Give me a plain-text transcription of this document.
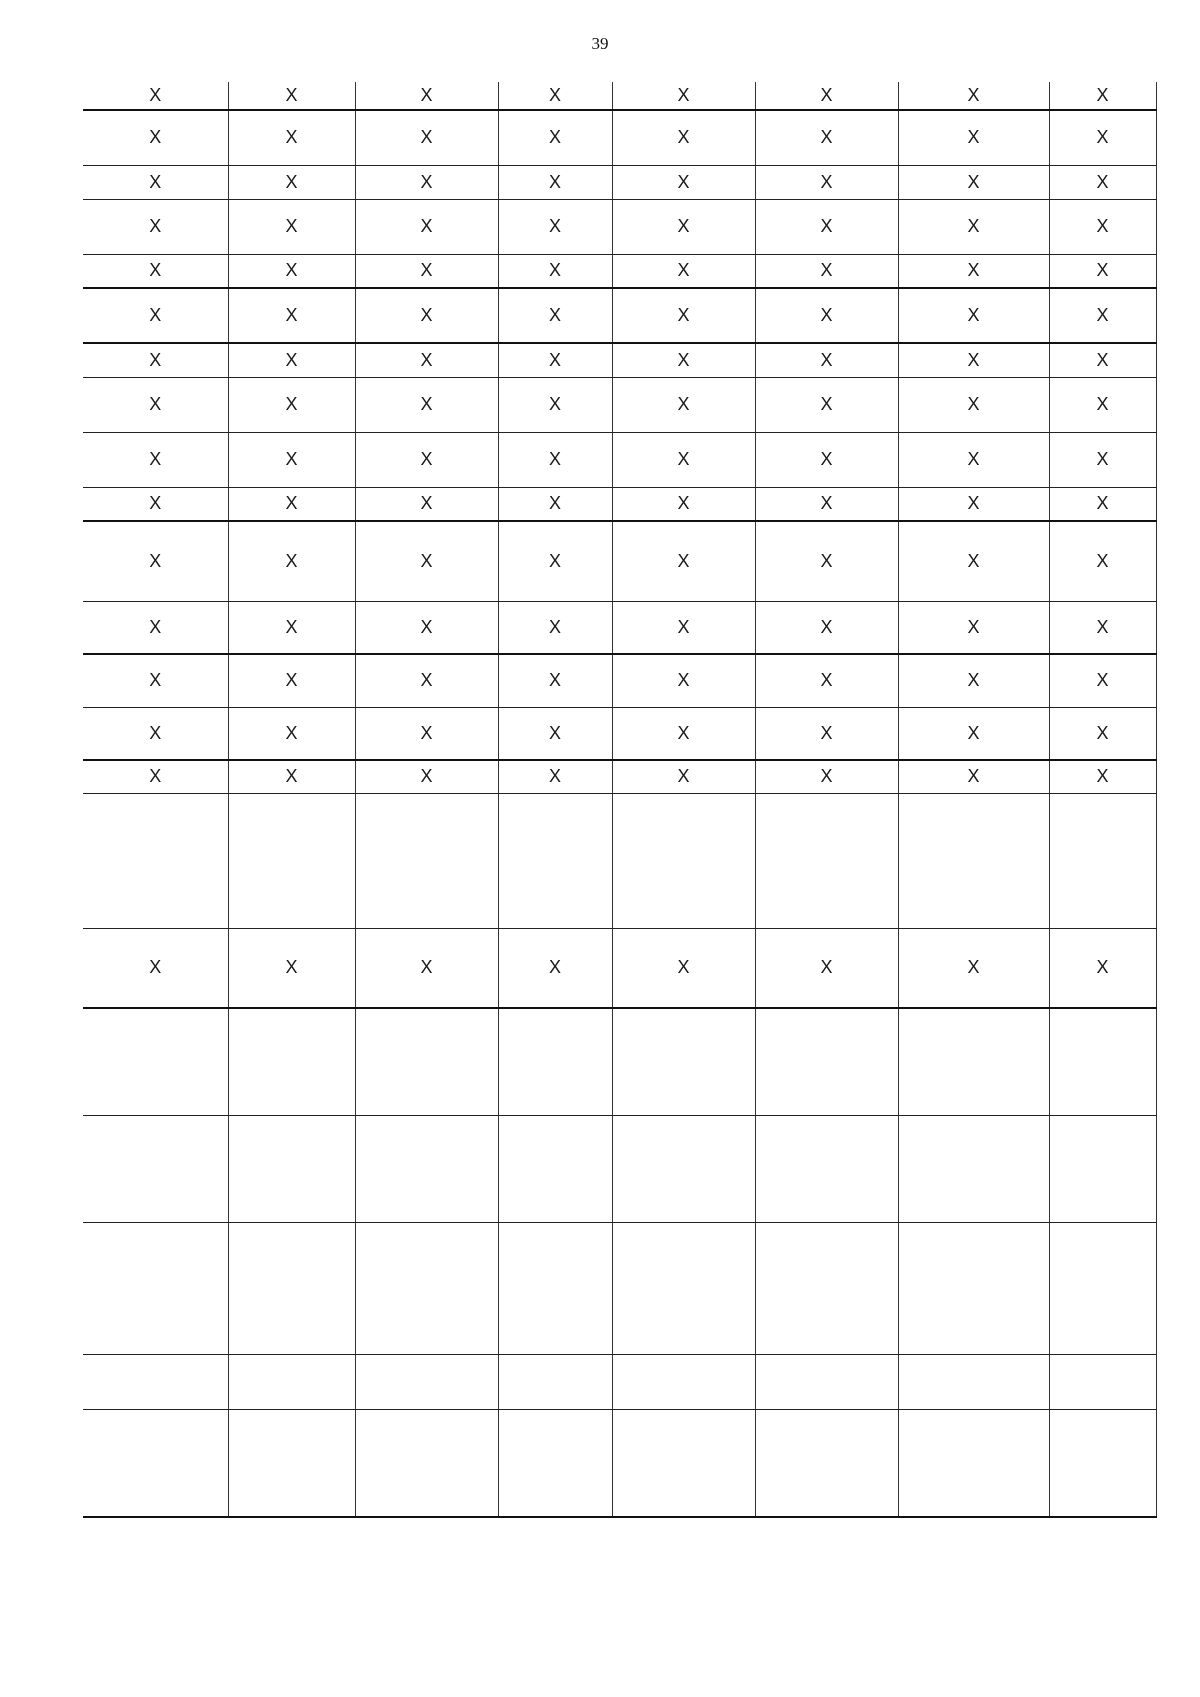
39
X	X	X	X	X	X	X	X
X	X	X	X	X	X	X	X
X	X	X	X	X	X	X	X
X	X	X	X	X	X	X	X
X	X	X	X	X	X	X	X
X	X	X	X	X	X	X	X
X	X	X	X	X	X	X	X
X	X	X	X	X	X	X	X
X	X	X	X	X	X	X	X
X	X	X	X	X	X	X	X
X	X	X	X	X	X	X	X
X	X	X	X	X	X	X	X
X	X	X	X	X	X	X	X
X	X	X	X	X	X	X	X
X	X	X	X	X	X	X	X

X	X	X	X	X	X	X	X
